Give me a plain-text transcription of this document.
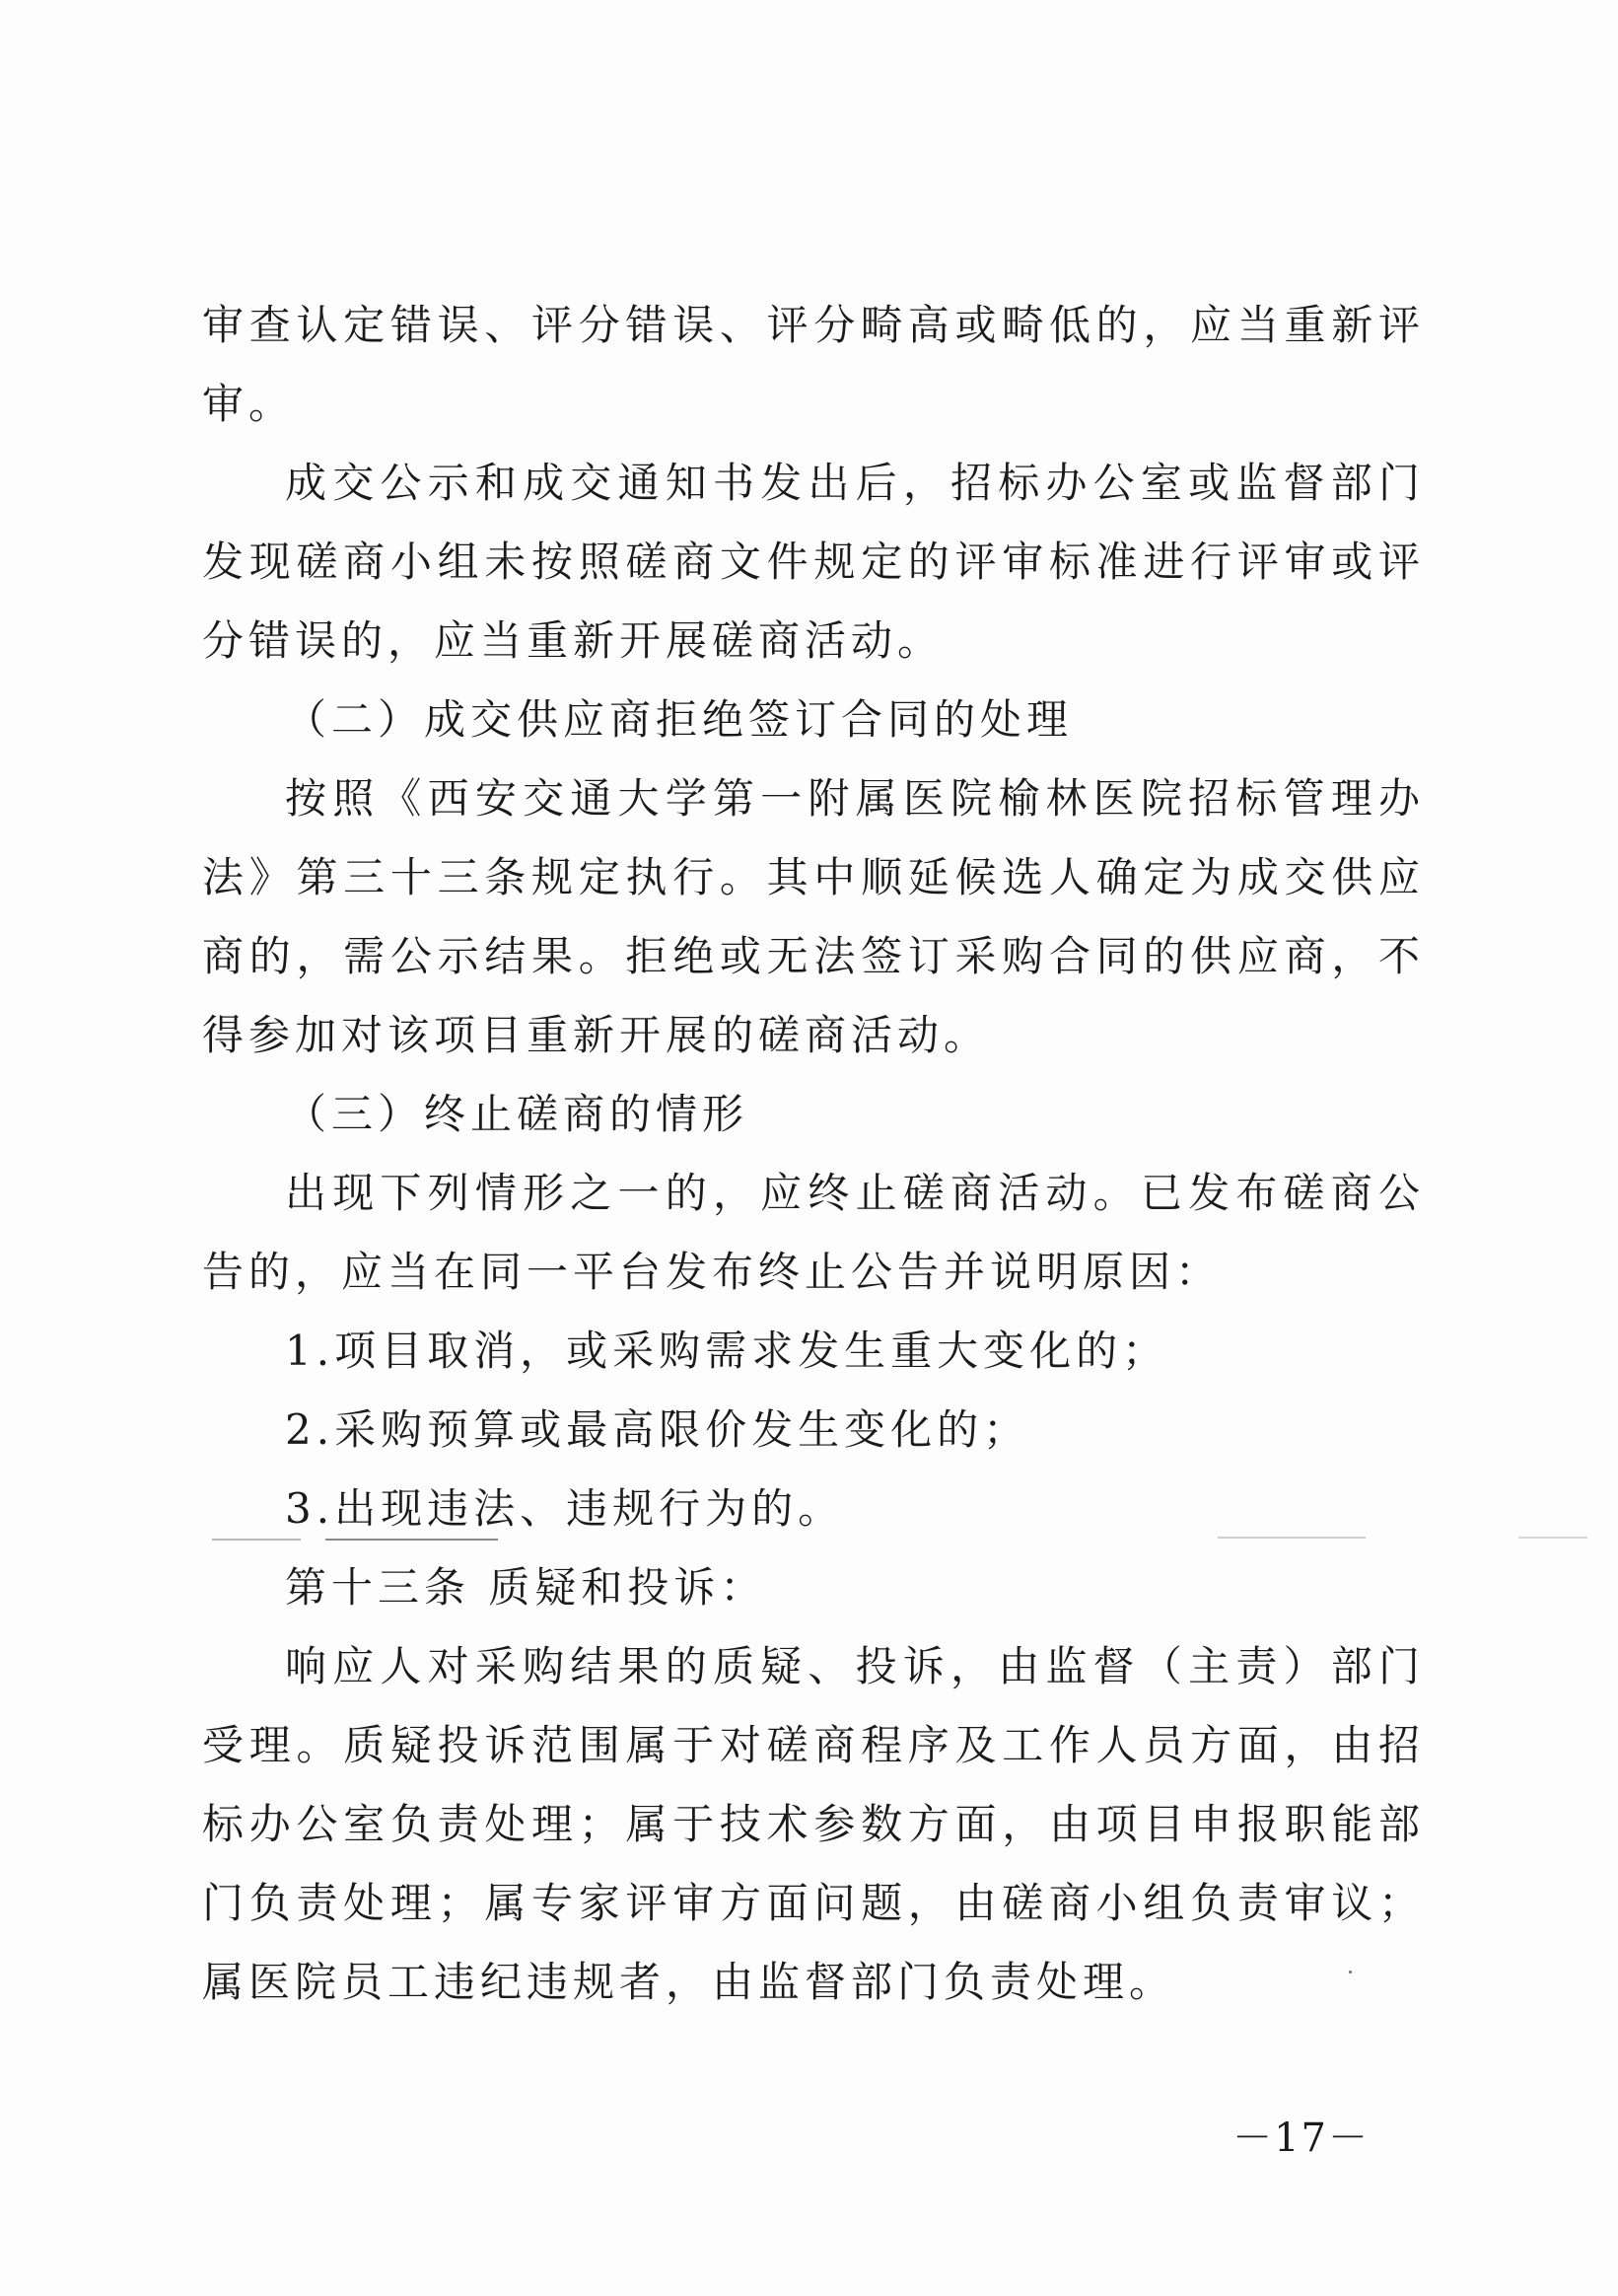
审查认定错误、评分错误、评分畸高或畸低的，应当重新评审。

成交公示和成交通知书发出后，招标办公室或监督部门发现磋商小组未按照磋商文件规定的评审标准进行评审或评分错误的，应当重新开展磋商活动。

（二）成交供应商拒绝签订合同的处理

按照《西安交通大学第一附属医院榆林医院招标管理办法》第三十三条规定执行。其中顺延候选人确定为成交供应商的，需公示结果。拒绝或无法签订采购合同的供应商，不得参加对该项目重新开展的磋商活动。

（三）终止磋商的情形

出现下列情形之一的，应终止磋商活动。已发布磋商公告的，应当在同一平台发布终止公告并说明原因：

1.项目取消，或采购需求发生重大变化的；

2.采购预算或最高限价发生变化的；

3.出现违法、违规行为的。

第十三条 质疑和投诉：

响应人对采购结果的质疑、投诉，由监督（主责）部门受理。质疑投诉范围属于对磋商程序及工作人员方面，由招标办公室负责处理；属于技术参数方面，由项目申报职能部门负责处理；属专家评审方面问题，由磋商小组负责审议；属医院员工违纪违规者，由监督部门负责处理。

－17－
